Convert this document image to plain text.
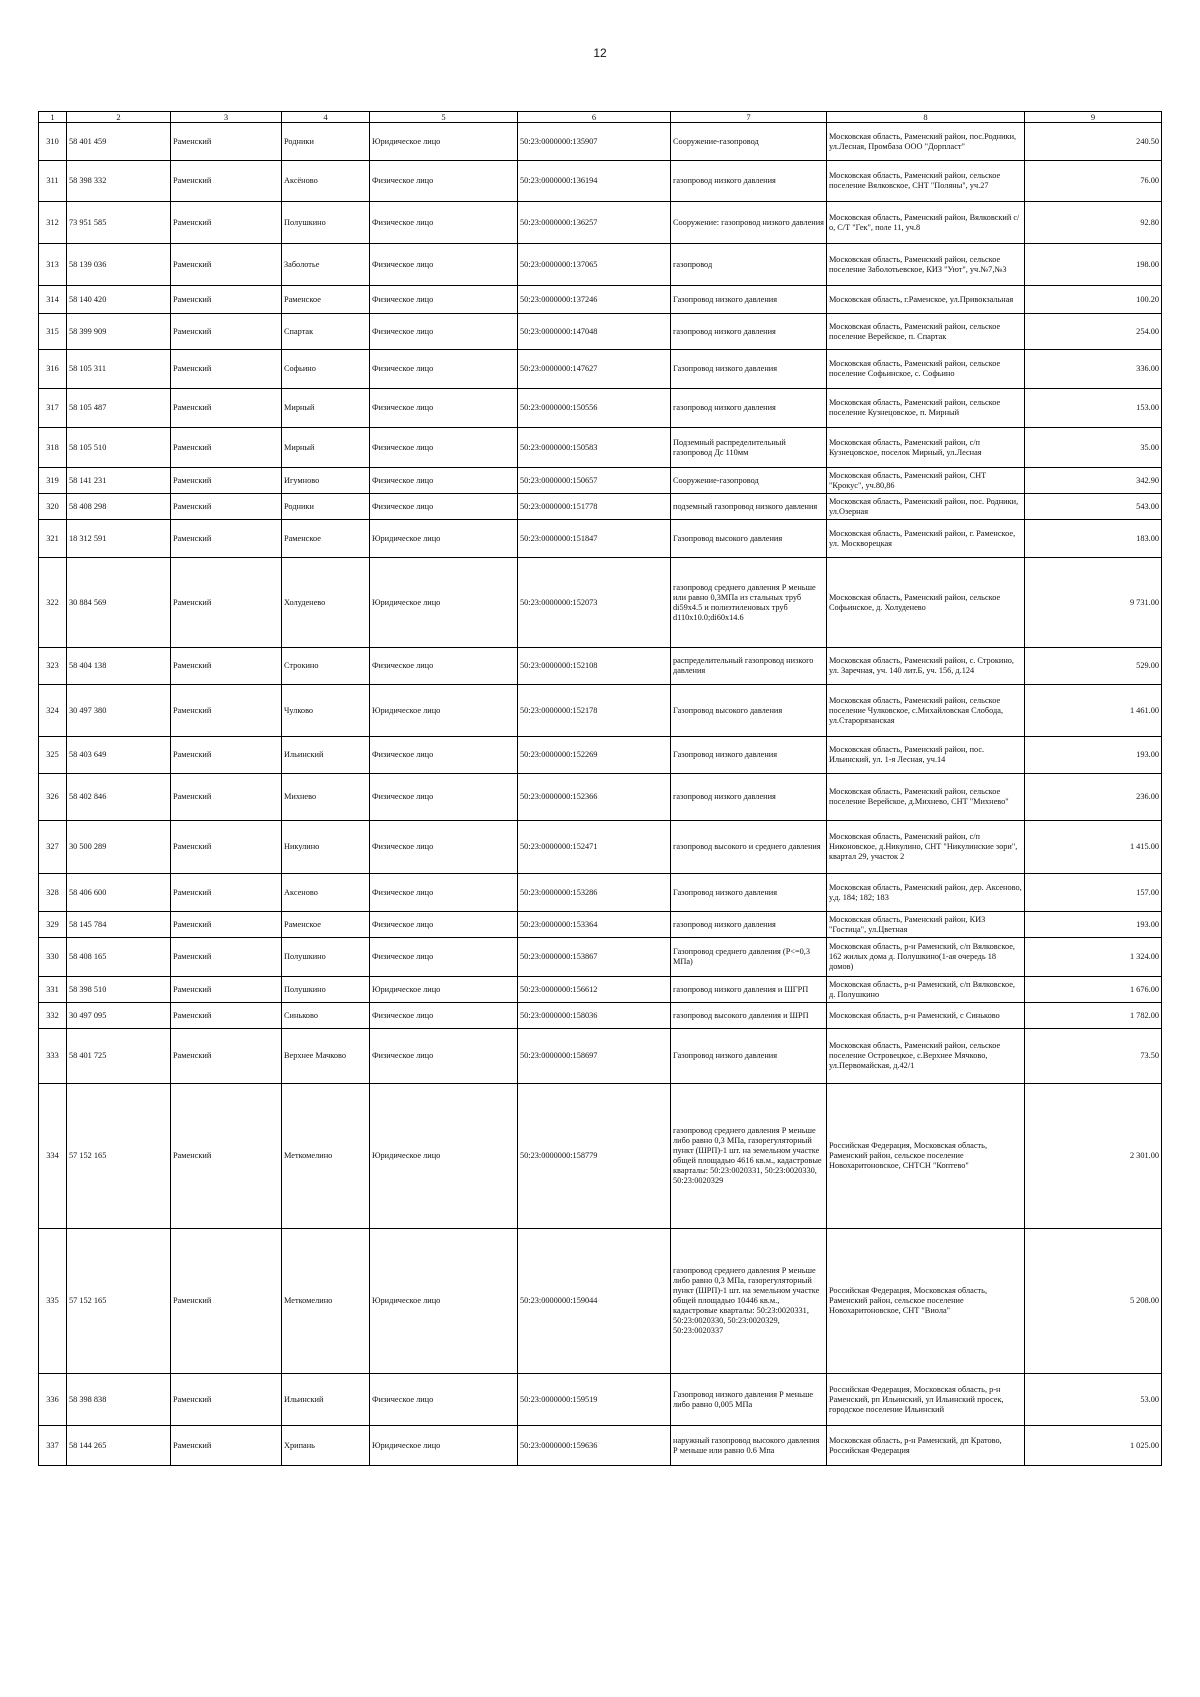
12
1	2	3	4	5	6	7	8	9
310	58 401 459	Раменский	Родники	Юридическое лицо	50:23:0000000:135907	Сооружение-газопровод	Московская область, Раменский район, пос.Родники, ул.Лесная, Промбаза ООО "Дорпласт"	240.50
311	58 398 332	Раменский	Аксёново	Физическое лицо	50:23:0000000:136194	газопровод низкого давления	Московская область, Раменский район, сельское поселение Вялковское, СНТ "Поляны", уч.27	76.00
312	73 951 585	Раменский	Полушкино	Физическое лицо	50:23:0000000:136257	Сооружение: газопровод низкого давления	Московская область, Раменский район, Вялковский с/о, С/Т "Гек", поле 11, уч.8	92.80
313	58 139 036	Раменский	Заболотье	Физическое лицо	50:23:0000000:137065	газопровод	Московская область, Раменский район, сельское поселение Заболотьевское, КИЗ "Уют", уч.№7,№3	198.00
314	58 140 420	Раменский	Раменское	Физическое лицо	50:23:0000000:137246	Газопровод низкого давления	Московская область, г.Раменское, ул.Привокзальная	100.20
315	58 399 909	Раменский	Спартак	Физическое лицо	50:23:0000000:147048	газопровод низкого давления	Московская область, Раменский район, сельское поселение Верейское, п. Спартак	254.00
316	58 105 311	Раменский	Софьино	Физическое лицо	50:23:0000000:147627	Газопровод низкого давления	Московская область, Раменский район, сельское поселение Софьинское, с. Софьино	336.00
317	58 105 487	Раменский	Мирный	Физическое лицо	50:23:0000000:150556	газопровод низкого давления	Московская область, Раменский район, сельское поселение Кузнецовское, п. Мирный	153.00
318	58 105 510	Раменский	Мирный	Физическое лицо	50:23:0000000:150583	Подземный распределительный газопровод Дс 110мм	Московская область, Раменский район, с/п Кузнецовское, поселок Мирный, ул.Лесная	35.00
319	58 141 231	Раменский	Игумново	Физическое лицо	50:23:0000000:150657	Сооружение-газопровод	Московская область, Раменский район, СНТ "Крокус", уч.80,86	342.90
320	58 408 298	Раменский	Родники	Физическое лицо	50:23:0000000:151778	подземный газопровод низкого давления	Московская область, Раменский район, пос. Родники, ул.Озерная	543.00
321	18 312 591	Раменский	Раменское	Юридическое лицо	50:23:0000000:151847	Газопровод высокого давления	Московская область, Раменский район, г. Раменское, ул. Москворецкая	183.00
322	30 884 569	Раменский	Холуденево	Юридическое лицо	50:23:0000000:152073	газопровод среднего давления Р меньше или равно 0,3МПа из стальных труб di59x4.5 и полиэтиленовых труб d110x10.0;di60x14.6	Московская область, Раменский район, сельское Софьинское, д. Холуденево	9 731.00
323	58 404 138	Раменский	Строкино	Физическое лицо	50:23:0000000:152108	распределительный газопровод низкого давления	Московская область, Раменский район, с. Строкино, ул. Заречная, уч. 140 лит.Б, уч. 156, д.124	529.00
324	30 497 380	Раменский	Чулково	Юридическое лицо	50:23:0000000:152178	Газопровод высокого давления	Московская область, Раменский район, сельское поселение Чулковское, с.Михайловская Слобода, ул.Старорязанская	1 461.00
325	58 403 649	Раменский	Ильинский	Физическое лицо	50:23:0000000:152269	Газопровод низкого давления	Московская область, Раменский район, пос. Ильинский, ул. 1-я Лесная, уч.14	193.00
326	58 402 846	Раменский	Михнево	Физическое лицо	50:23:0000000:152366	газопровод низкого давления	Московская область, Раменский район, сельское поселение Верейское, д.Михнево, СНТ "Михнево"	236.00
327	30 500 289	Раменский	Никулино	Физическое лицо	50:23:0000000:152471	газопровод высокого и среднего давления	Московская область, Раменский район, с/п Никоновское, д.Никулино, СНТ "Никулинские зори", квартал 29, участок 2	1 415.00
328	58 406 600	Раменский	Аксеново	Физическое лицо	50:23:0000000:153286	Газопровод низкого давления	Московская область, Раменский район, дер. Аксеново, у.д. 184; 182; 183	157.00
329	58 145 784	Раменский	Раменское	Физическое лицо	50:23:0000000:153364	газопровод низкого давления	Московская область, Раменский район, КИЗ "Гостица", ул.Цветная	193.00
330	58 408 165	Раменский	Полушкино	Физическое лицо	50:23:0000000:153867	Газопровод среднего давления (Р<=0,3 МПа)	Московская область, р-н Раменский, с/п Вялковское, 162 жилых дома д. Полушкино(1-ая очередь 18 домов)	1 324.00
331	58 398 510	Раменский	Полушкино	Юридическое лицо	50:23:0000000:156612	газопровод низкого давления и ШГРП	Московская область, р-н Раменский, с/п Вялковское, д. Полушкино	1 676.00
332	30 497 095	Раменский	Синьково	Физическое лицо	50:23:0000000:158036	газопровод высокого давления и ШРП	Московская область, р-н Раменский, с Синьково	1 782.00
333	58 401 725	Раменский	Верхнее Мачково	Физическое лицо	50:23:0000000:158697	Газопровод низкого давления	Московская область, Раменский район, сельское поселение Островецкое, с.Верхнее Мячково, ул.Первомайская, д.42/1	73.50
334	57 152 165	Раменский	Меткомелино	Юридическое лицо	50:23:0000000:158779	газопровод среднего давления Р меньше либо равно 0,3 МПа, газорегуляторный пункт (ШРП)-1 шт. на земельном участке общей площадью 4616 кв.м., кадастровые кварталы: 50:23:0020331, 50:23:0020330, 50:23:0020329	Российская Федерация, Московская область, Раменский район, сельское поселение Новохаритоновское, СНТСН "Коптево"	2 301.00
335	57 152 165	Раменский	Меткомелино	Юридическое лицо	50:23:0000000:159044	газопровод среднего давления Р меньше либо равно 0,3 МПа, газорегуляторный пункт (ШРП)-1 шт. на земельном участке общей площадью 10446 кв.м., кадастровые кварталы: 50:23:0020331, 50:23:0020330, 50:23:0020329, 50:23:0020337	Российская Федерация, Московская область, Раменский район, сельское поселение Новохаритоновское, СНТ "Виола"	5 208.00
336	58 398 838	Раменский	Ильинский	Физическое лицо	50:23:0000000:159519	Газопровод низкого давления Р меньше либо равно 0,005 МПа	Российская Федерация, Московская область, р-н Раменский, рп Ильинский, ул Ильинский просек, городское поселение Ильинский	53.00
337	58 144 265	Раменский	Хрипань	Юридическое лицо	50:23:0000000:159636	наружный газопровод высокого давления Р меньше или равно 0.6 Мпа	Московская область, р-н Раменский, дп Кратово, Российская Федерация	1 025.00
